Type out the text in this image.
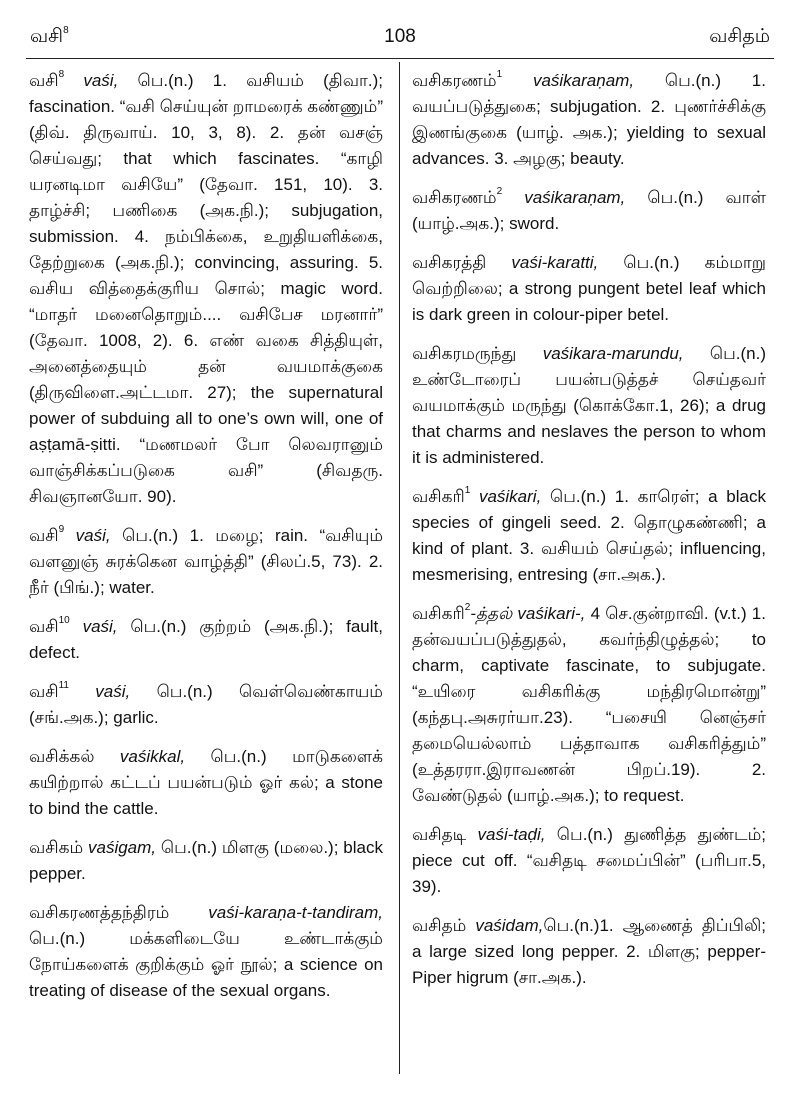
வசி$^8$	108	வசிதம்

வசி$^8$ vaśi, பெ.(n.) 1. வசியம் (திவா.); fascination. “வசி செய்யுன் றாமரைக் கண்ணும்” (திவ். திருவாய். 10, 3, 8). 2. தன் வசஞ் செய்வது; that which fascinates. “காழி யரனடிமா வசியே” (தேவா. 151, 10). 3. தாழ்ச்சி; பணிகை (அக.நி.); subjugation, submission. 4. நம்பிக்கை, உறுதியளிக்கை, தேற்றுகை (அக.நி.); convincing, assuring. 5. வசிய வித்தைக்குரிய சொல்; magic word. “மாதர் மனைதொறும்.... வசிபேச மரனார்” (தேவா. 1008, 2). 6. எண் வகை சித்தியுள், அனைத்தையும் தன் வயமாக்குகை (திருவிளை.அட்டமா. 27); the supernatural power of subduing all to one’s own will, one of aṣṭamā-ṣitti. “மணமலர் போ லெவரானும் வாஞ்சிக்கப்படுகை வசி” (சிவதரு. சிவஞானயோ. 90).

வசி$^9$ vaśi, பெ.(n.) 1. மழை; rain. “வசியும் வளனுஞ் சுரக்கென வாழ்த்தி” (சிலப்.5, 73). 2. நீர் (பிங்.); water.

வசி$^{10}$ vaśi, பெ.(n.) குற்றம் (அக.நி.); fault, defect.

வசி$^{11}$ vaśi, பெ.(n.) வெள்வெண்காயம் (சங்.அக.); garlic.

வசிக்கல் vaśikkal, பெ.(n.) மாடுகளைக் கயிற்றால் கட்டப் பயன்படும் ஓர் கல்; a stone to bind the cattle.

வசிகம் vaśigam, பெ.(n.) மிளகு (மலை.); black pepper.

வசிகரணத்தந்திரம் vaśi-karaṇa-t-tandiram, பெ.(n.) மக்களிடையே உண்டாக்கும் நோய்களைக் குறிக்கும் ஓர் நூல்; a science on treating of disease of the sexual organs.

வசிகரணம்$^1$ vaśikaraṇam, பெ.(n.) 1. வயப்படுத்துகை; subjugation. 2. புணர்ச்சிக்கு இணங்குகை (யாழ். அக.); yielding to sexual advances. 3. அழகு; beauty.

வசிகரணம்$^2$ vaśikaraṇam, பெ.(n.) வாள் (யாழ்.அக.); sword.

வசிகரத்தி vaśi-karatti, பெ.(n.) கம்மாறு வெற்றிலை; a strong pungent betel leaf which is dark green in colour-piper betel.

வசிகரமருந்து vaśikara-marundu, பெ.(n.) உண்டோரைப் பயன்படுத்தச் செய்தவர் வயமாக்கும் மருந்து (கொக்கோ.1, 26); a drug that charms and neslaves the person to whom it is administered.

வசிகரி$^1$ vaśikari, பெ.(n.) 1. காரெள்; a black species of gingeli seed. 2. தொழுகண்ணி; a kind of plant. 3. வசியம் செய்தல்; influencing, mesmerising, entresing (சா.அக.).

வசிகரி$^2$-த்தல் vaśikari-, 4 செ.குன்றாவி. (v.t.) 1. தன்வயப்படுத்துதல், கவர்ந்திழுத்தல்; to charm, captivate fascinate, to subjugate. “உயிரை வசிகரிக்கு மந்திரமொன்று” (கந்தபு.அசுரர்யா.23). “பசையி னெஞ்சர் தமையெல்லாம் பத்தாவாக வசிகரித்தும்” (உத்தரரா.இராவணன் பிறப்.19). 2. வேண்டுதல் (யாழ்.அக.); to request.

வசிதடி vaśi-taḍi, பெ.(n.) துணித்த துண்டம்; piece cut off. “வசிதடி சமைப்பின்” (பரிபா.5, 39).

வசிதம் vaśidam,பெ.(n.)1. ஆணைத் திப்பிலி; a large sized long pepper. 2. மிளகு; pepper-Piper higrum (சா.அக.).
